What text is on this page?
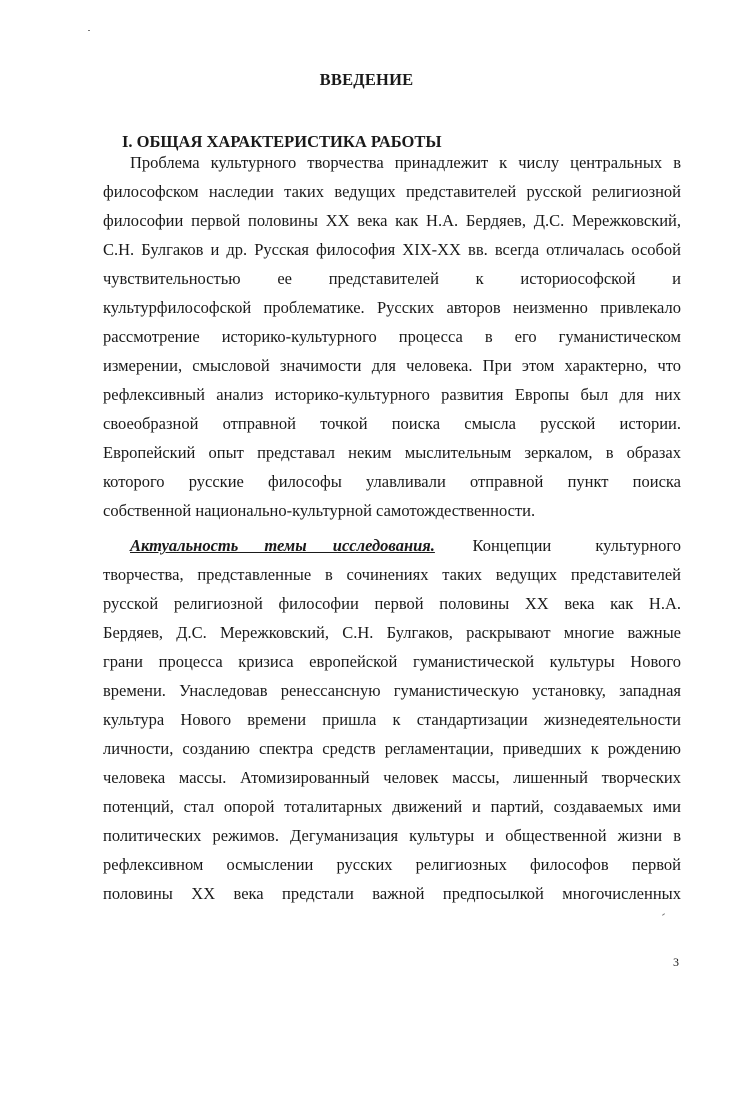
ВВЕДЕНИЕ
I. ОБЩАЯ ХАРАКТЕРИСТИКА РАБОТЫ
Проблема культурного творчества принадлежит к числу центральных в
философском наследии таких ведущих представителей русской религиозной
философии первой половины XX века как Н.А. Бердяев, Д.С. Мережковский,
С.Н. Булгаков и др. Русская философия XIX-XX вв. всегда отличалась особой
чувствительностью ее представителей к историософской и
культурфилософской проблематике. Русских авторов неизменно привлекало
рассмотрение историко-культурного процесса в его гуманистическом
измерении, смысловой значимости для человека. При этом характерно, что
рефлексивный анализ историко-культурного развития Европы был для них
своеобразной отправной точкой поиска смысла русской истории.
Европейский опыт представал неким мыслительным зеркалом, в образах
которого русские философы улавливали отправной пункт поиска
собственной национально-культурной самотождественности.
Актуальность темы исследования. Концепции культурного
творчества, представленные в сочинениях таких ведущих представителей
русской религиозной философии первой половины XX века как Н.А.
Бердяев, Д.С. Мережковский, С.Н. Булгаков, раскрывают многие важные
грани процесса кризиса европейской гуманистической культуры Нового
времени. Унаследовав ренессансную гуманистическую установку, западная
культура Нового времени пришла к стандартизации жизнедеятельности
личности, созданию спектра средств регламентации, приведших к рождению
человека массы. Атомизированный человек массы, лишенный творческих
потенций, стал опорой тоталитарных движений и партий, создаваемых ими
политических режимов. Дегуманизация культуры и общественной жизни в
рефлексивном осмыслении русских религиозных философов первой
половины XX века предстали важной предпосылкой многочисленных
3
